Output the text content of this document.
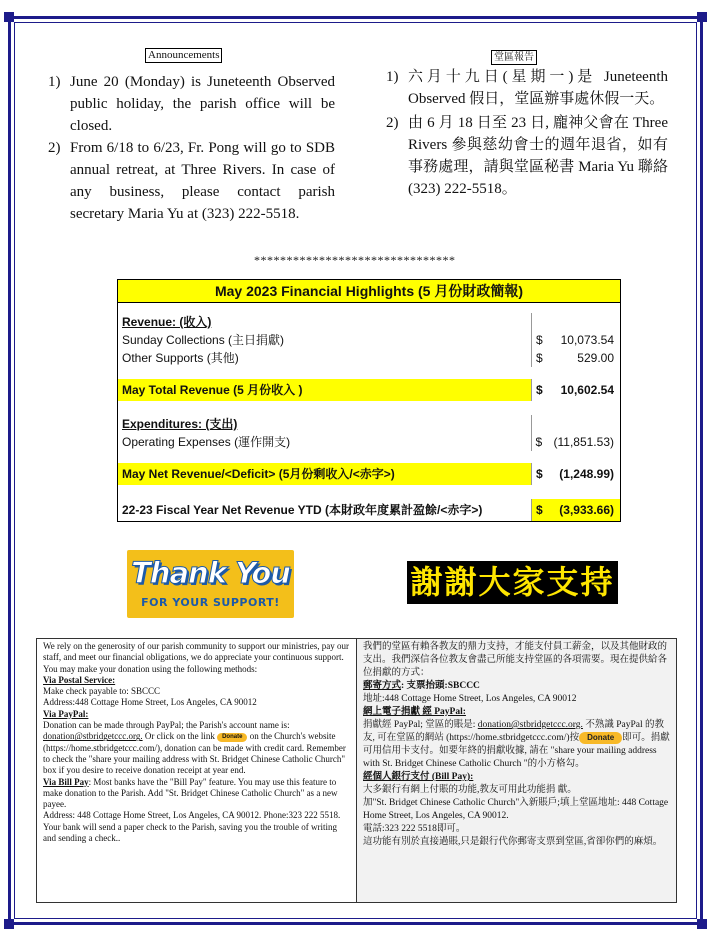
Announcements
1) June 20 (Monday) is Juneteenth Observed public holiday, the parish office will be closed.
2) From 6/18 to 6/23, Fr. Pong will go to SDB annual retreat, at Three Rivers. In case of any business, please contact parish secretary Maria Yu at (323) 222-5518.
堂區報告
1) 六月十九日(星期一)是 Juneteenth Observed 假日，堂區辦事處休假一天。
2) 由 6 月 18 日至 23 日, 龐神父會在 Three Rivers 參與慈幼會士的週年退省，如有事務處理，請與堂區秘書 Maria Yu 聯絡 (323) 222-5518。
*******************************
May 2023 Financial Highlights (5 月份財政簡報)
Revenue: (收入)
Sunday Collections (主日捐獻)	$	10,073.54
Other Supports (其他)	$	529.00
May Total Revenue (5 月份收入 )	$	10,602.54
Expenditures: (支出)
Operating Expenses (運作開支)	$ (11,851.53)
May Net Revenue/<Deficit> (5月份剩收入/<赤字>)	$	(1,248.99)
22-23 Fiscal Year Net Revenue YTD (本財政年度累計盈餘/<赤字>)	$	(3,933.66)
Thank You
FOR YOUR SUPPORT!
謝謝大家支持

We rely on the generosity of our parish community to support our ministries, pay our staff, and meet our financial obligations, we do appreciate your continuous support. You may make your donation using the following methods:

Via Postal Service:

Make check payable to: SBCCC

Address:448 Cottage Home Street, Los Angeles, CA 90012

Via PayPal:

Donation can be made through PayPal; the Parish's account name is: donation@stbridgetccc.org. Or click on the link Donate on the Church's website (https://home.stbridgetccc.com/), donation can be made with credit card. Remember to check the "share your mailing address with St. Bridget Chinese Catholic Church" box if you desire to receive donation receipt at year end.

Via Bill Pay: Most banks have the "Bill Pay" feature. You may use this feature to make donation to the Parish. Add "St. Bridget Chinese Catholic Church" as a new payee.

Address: 448 Cottage Home Street, Los Angeles, CA 90012. Phone:323 222 5518.

Your bank will send a paper check to the Parish, saving you the trouble of writing and sending a check..

我們的堂區有賴各教友的鼎力支持，才能支付員工薪金，以及其他財政的支出。我們深信各位教友會盡己所能支持堂區的各項需要。現在提供給各位捐獻的方式：

郵寄方式: 支票抬頭:SBCCC

地址:448 Cottage Home Street, Los Angeles, CA 90012

網上電子捐獻 經 PayPal:

捐獻經 PayPal; 堂區的賬是: donation@stbridgetccc.org. 不熟識 PayPal 的教友, 可在堂區的網站 (https://home.stbridgetccc.com/)按 Donate 即可。捐獻可用信用卡支付。如要年終的捐獻收據, 請在 "share your mailing address with St. Bridget Chinese Catholic Church "的小方格勾。

經個人銀行支付 (Bill Pay):

大多銀行有網上付賬的功能,教友可用此功能捐 獻。

加"St. Bridget Chinese Catholic Church"入新賬戶;填上堂區地址: 448 Cottage Home Street, Los Angeles, CA 90012.

電話:323 222 5518即可。

這功能有別於直接過賬,只是銀行代你郵寄支票到堂區,省卻你們的麻煩。
